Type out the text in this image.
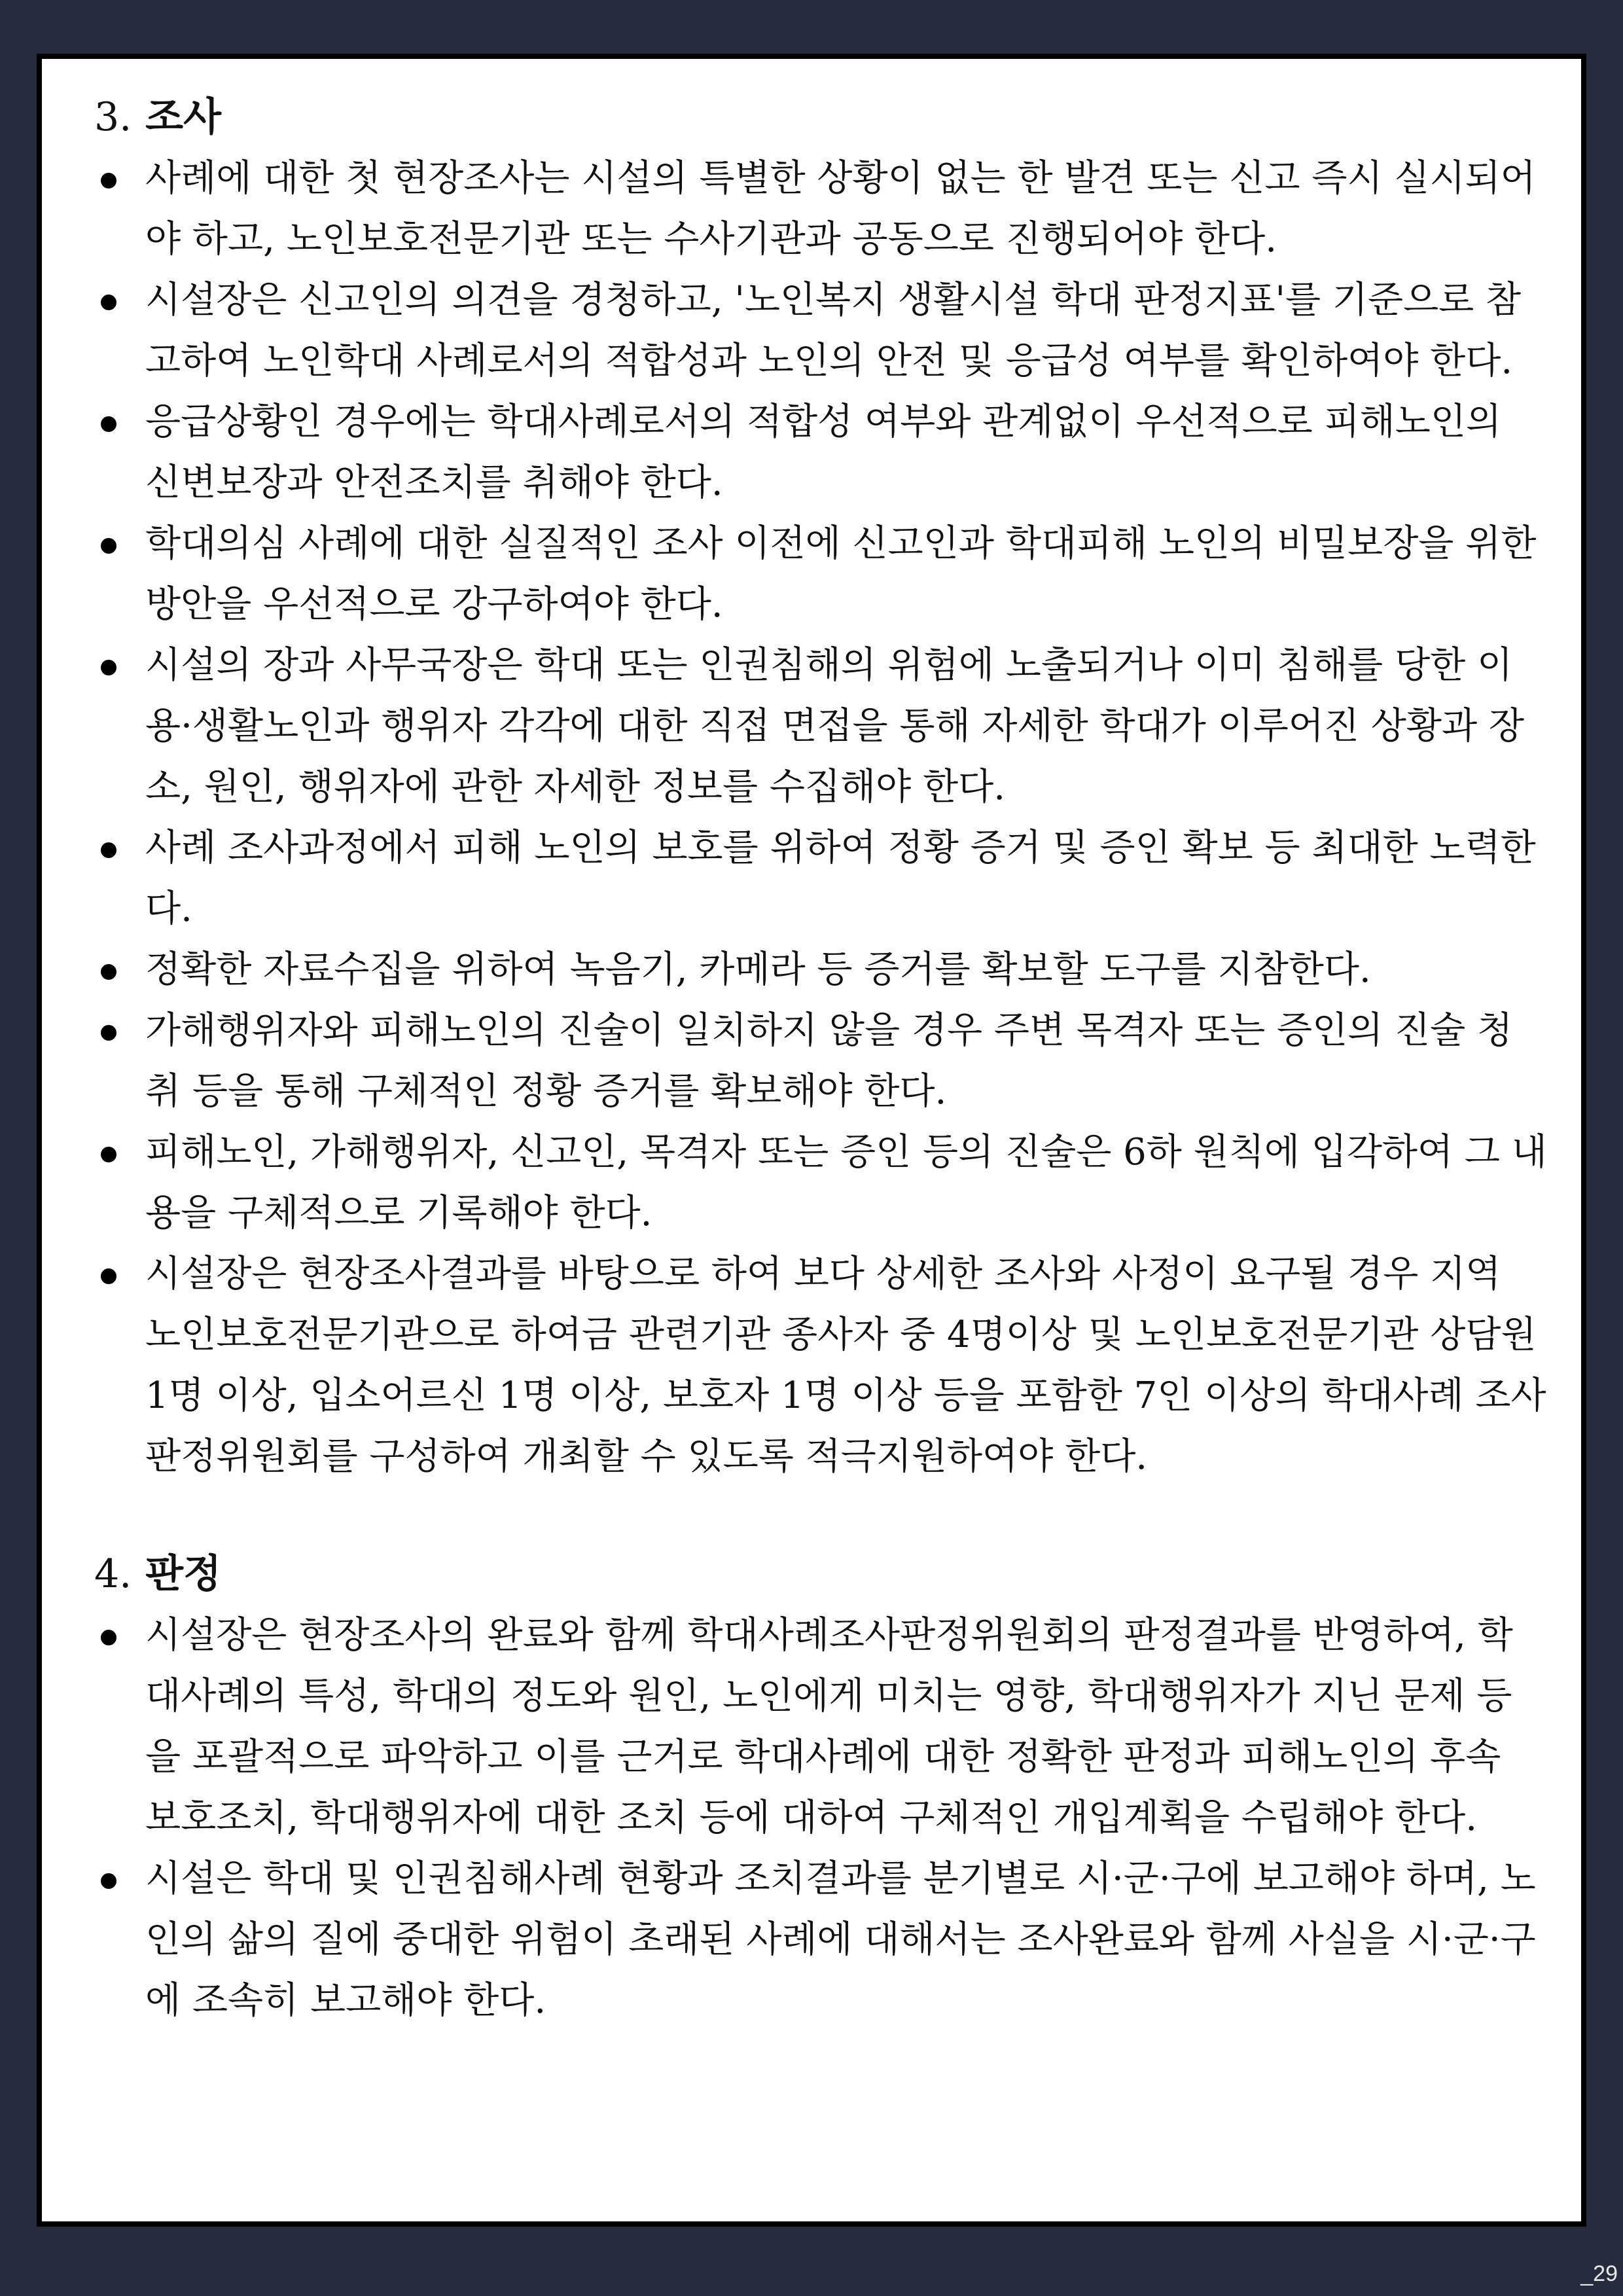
3. 조사
사례에 대한 첫 현장조사는 시설의 특별한 상황이 없는 한 발견 또는 신고 즉시 실시되어야 하고, 노인보호전문기관 또는 수사기관과 공동으로 진행되어야 한다.
시설장은 신고인의 의견을 경청하고, '노인복지 생활시설 학대 판정지표'를 기준으로 참고하여 노인학대 사례로서의 적합성과 노인의 안전 및 응급성 여부를 확인하여야 한다.
응급상황인 경우에는 학대사례로서의 적합성 여부와 관계없이 우선적으로 피해노인의 신변보장과 안전조치를 취해야 한다.
학대의심 사례에 대한 실질적인 조사 이전에 신고인과 학대피해 노인의 비밀보장을 위한 방안을 우선적으로 강구하여야 한다.
시설의 장과 사무국장은 학대 또는 인권침해의 위험에 노출되거나 이미 침해를 당한 이용·생활노인과 행위자 각각에 대한 직접 면접을 통해 자세한 학대가 이루어진 상황과 장소, 원인, 행위자에 관한 자세한 정보를 수집해야 한다.
사례 조사과정에서 피해 노인의 보호를 위하여 정황 증거 및 증인 확보 등 최대한 노력한다.
정확한 자료수집을 위하여 녹음기, 카메라 등 증거를 확보할 도구를 지참한다.
가해행위자와 피해노인의 진술이 일치하지 않을 경우 주변 목격자 또는 증인의 진술 청취 등을 통해 구체적인 정황 증거를 확보해야 한다.
피해노인, 가해행위자, 신고인, 목격자 또는 증인 등의 진술은 6하 원칙에 입각하여 그 내용을 구체적으로 기록해야 한다.
시설장은 현장조사결과를 바탕으로 하여 보다 상세한 조사와 사정이 요구될 경우 지역 노인보호전문기관으로 하여금 관련기관 종사자 중 4명이상 및 노인보호전문기관 상담원 1명 이상, 입소어르신 1명 이상, 보호자 1명 이상 등을 포함한 7인 이상의 학대사례 조사판정위원회를 구성하여 개최할 수 있도록 적극지원하여야 한다.
4. 판정
시설장은 현장조사의 완료와 함께 학대사례조사판정위원회의 판정결과를 반영하여, 학대사례의 특성, 학대의 정도와 원인, 노인에게 미치는 영향, 학대행위자가 지닌 문제 등을 포괄적으로 파악하고 이를 근거로 학대사례에 대한 정확한 판정과 피해노인의 후속 보호조치, 학대행위자에 대한 조치 등에 대하여 구체적인 개입계획을 수립해야 한다.
시설은 학대 및 인권침해사례 현황과 조치결과를 분기별로 시·군·구에 보고해야 하며, 노인의 삶의 질에 중대한 위험이 초래된 사례에 대해서는 조사완료와 함께 사실을 시·군·구에 조속히 보고해야 한다.
_29
